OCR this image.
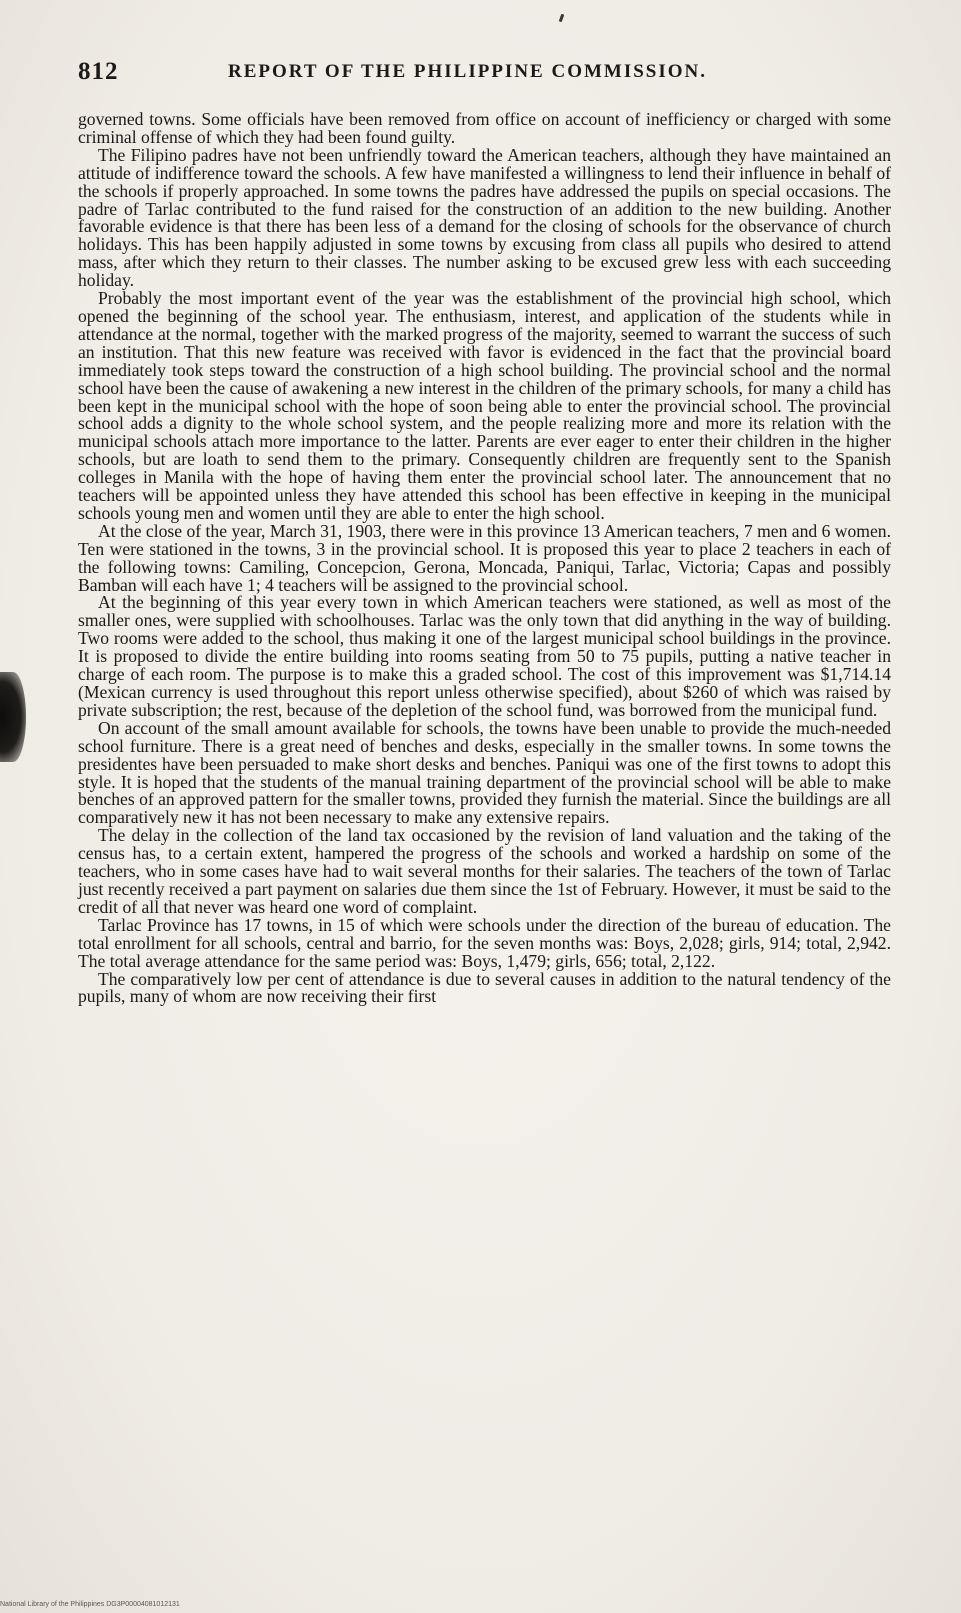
812	REPORT OF THE PHILIPPINE COMMISSION.

governed towns. Some officials have been removed from office on account of inefficiency or charged with some criminal offense of which they had been found guilty.

The Filipino padres have not been unfriendly toward the American teachers, although they have maintained an attitude of indifference toward the schools. A few have manifested a willingness to lend their influence in behalf of the schools if properly approached. In some towns the padres have addressed the pupils on special occasions. The padre of Tarlac contributed to the fund raised for the construction of an addition to the new building. Another favorable evidence is that there has been less of a demand for the closing of schools for the observance of church holidays. This has been happily adjusted in some towns by excusing from class all pupils who desired to attend mass, after which they return to their classes. The number asking to be excused grew less with each succeeding holiday.

Probably the most important event of the year was the establishment of the provincial high school, which opened the beginning of the school year. The enthusiasm, interest, and application of the students while in attendance at the normal, together with the marked progress of the majority, seemed to warrant the success of such an institution. That this new feature was received with favor is evidenced in the fact that the provincial board immediately took steps toward the construction of a high school building. The provincial school and the normal school have been the cause of awakening a new interest in the children of the primary schools, for many a child has been kept in the municipal school with the hope of soon being able to enter the provincial school. The provincial school adds a dignity to the whole school system, and the people realizing more and more its relation with the municipal schools attach more importance to the latter. Parents are ever eager to enter their children in the higher schools, but are loath to send them to the primary. Consequently children are frequently sent to the Spanish colleges in Manila with the hope of having them enter the provincial school later. The announcement that no teachers will be appointed unless they have attended this school has been effective in keeping in the municipal schools young men and women until they are able to enter the high school.

At the close of the year, March 31, 1903, there were in this province 13 American teachers, 7 men and 6 women. Ten were stationed in the towns, 3 in the provincial school. It is proposed this year to place 2 teachers in each of the following towns: Camiling, Concepcion, Gerona, Moncada, Paniqui, Tarlac, Victoria; Capas and possibly Bamban will each have 1; 4 teachers will be assigned to the provincial school.

At the beginning of this year every town in which American teachers were stationed, as well as most of the smaller ones, were supplied with schoolhouses. Tarlac was the only town that did anything in the way of building. Two rooms were added to the school, thus making it one of the largest municipal school buildings in the province. It is proposed to divide the entire building into rooms seating from 50 to 75 pupils, putting a native teacher in charge of each room. The purpose is to make this a graded school. The cost of this improvement was $1,714.14 (Mexican currency is used throughout this report unless otherwise specified), about $260 of which was raised by private subscription; the rest, because of the depletion of the school fund, was borrowed from the municipal fund.

On account of the small amount available for schools, the towns have been unable to provide the much-needed school furniture. There is a great need of benches and desks, especially in the smaller towns. In some towns the presidentes have been persuaded to make short desks and benches. Paniqui was one of the first towns to adopt this style. It is hoped that the students of the manual training department of the provincial school will be able to make benches of an approved pattern for the smaller towns, provided they furnish the material. Since the buildings are all comparatively new it has not been necessary to make any extensive repairs.

The delay in the collection of the land tax occasioned by the revision of land valuation and the taking of the census has, to a certain extent, hampered the progress of the schools and worked a hardship on some of the teachers, who in some cases have had to wait several months for their salaries. The teachers of the town of Tarlac just recently received a part payment on salaries due them since the 1st of February. However, it must be said to the credit of all that never was heard one word of complaint.

Tarlac Province has 17 towns, in 15 of which were schools under the direction of the bureau of education. The total enrollment for all schools, central and barrio, for the seven months was: Boys, 2,028; girls, 914; total, 2,942. The total average attendance for the same period was: Boys, 1,479; girls, 656; total, 2,122.

The comparatively low per cent of attendance is due to several causes in addition to the natural tendency of the pupils, many of whom are now receiving their first

National Library of the Philippines DG3P00004081012131
